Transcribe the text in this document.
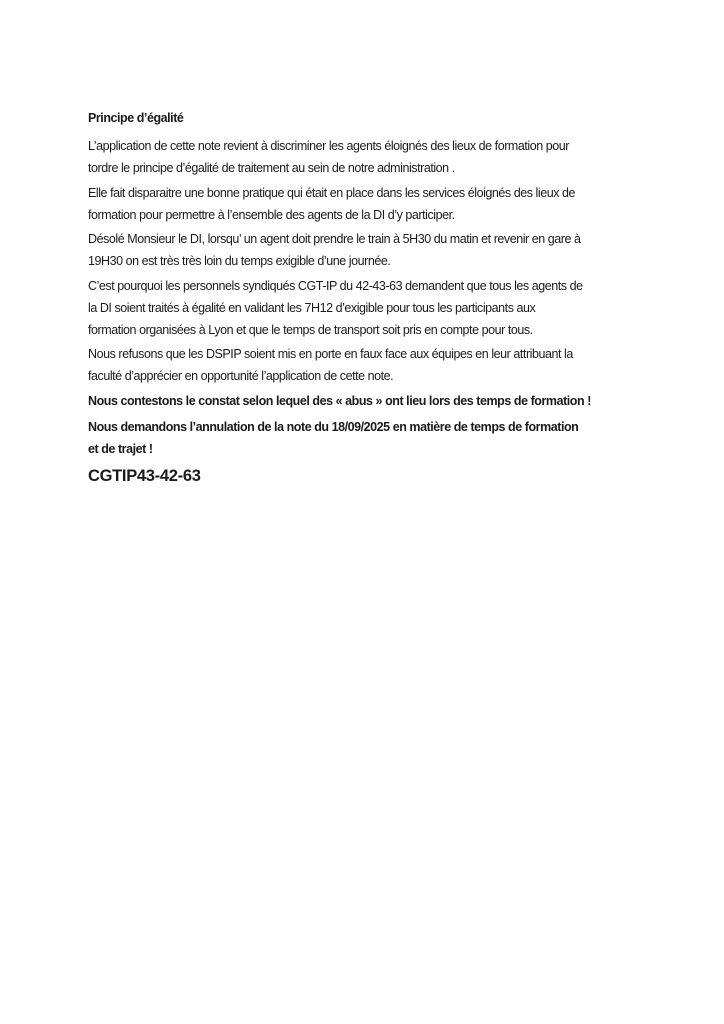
Principe d’égalité

L’application de cette note revient à discriminer les agents éloignés des lieux de formation pour
tordre le principe d’égalité de traitement au sein de notre administration .

Elle fait disparaitre une bonne pratique qui était en place dans les services éloignés des lieux de
formation pour permettre à l’ensemble des agents de la DI d’y participer.

Désolé Monsieur le DI, lorsqu’ un agent doit prendre le train à 5H30 du matin et revenir en gare à
19H30 on est très très loin du temps exigible d’une journée.

C’est pourquoi les personnels syndiqués CGT-IP du 42-43-63 demandent que tous les agents de
la DI soient traités à égalité en validant les 7H12 d’exigible pour tous les participants aux
formation organisées à Lyon et que le temps de transport soit pris en compte pour tous.

Nous refusons que les DSPIP soient mis en porte en faux face aux équipes en leur attribuant la
faculté d’apprécier en opportunité l’application de cette note.

Nous contestons le constat selon lequel des « abus » ont lieu lors des temps de formation !

Nous demandons l’annulation de la note du 18/09/2025 en matière de temps de formation
et de trajet !

CGTIP43-42-63
